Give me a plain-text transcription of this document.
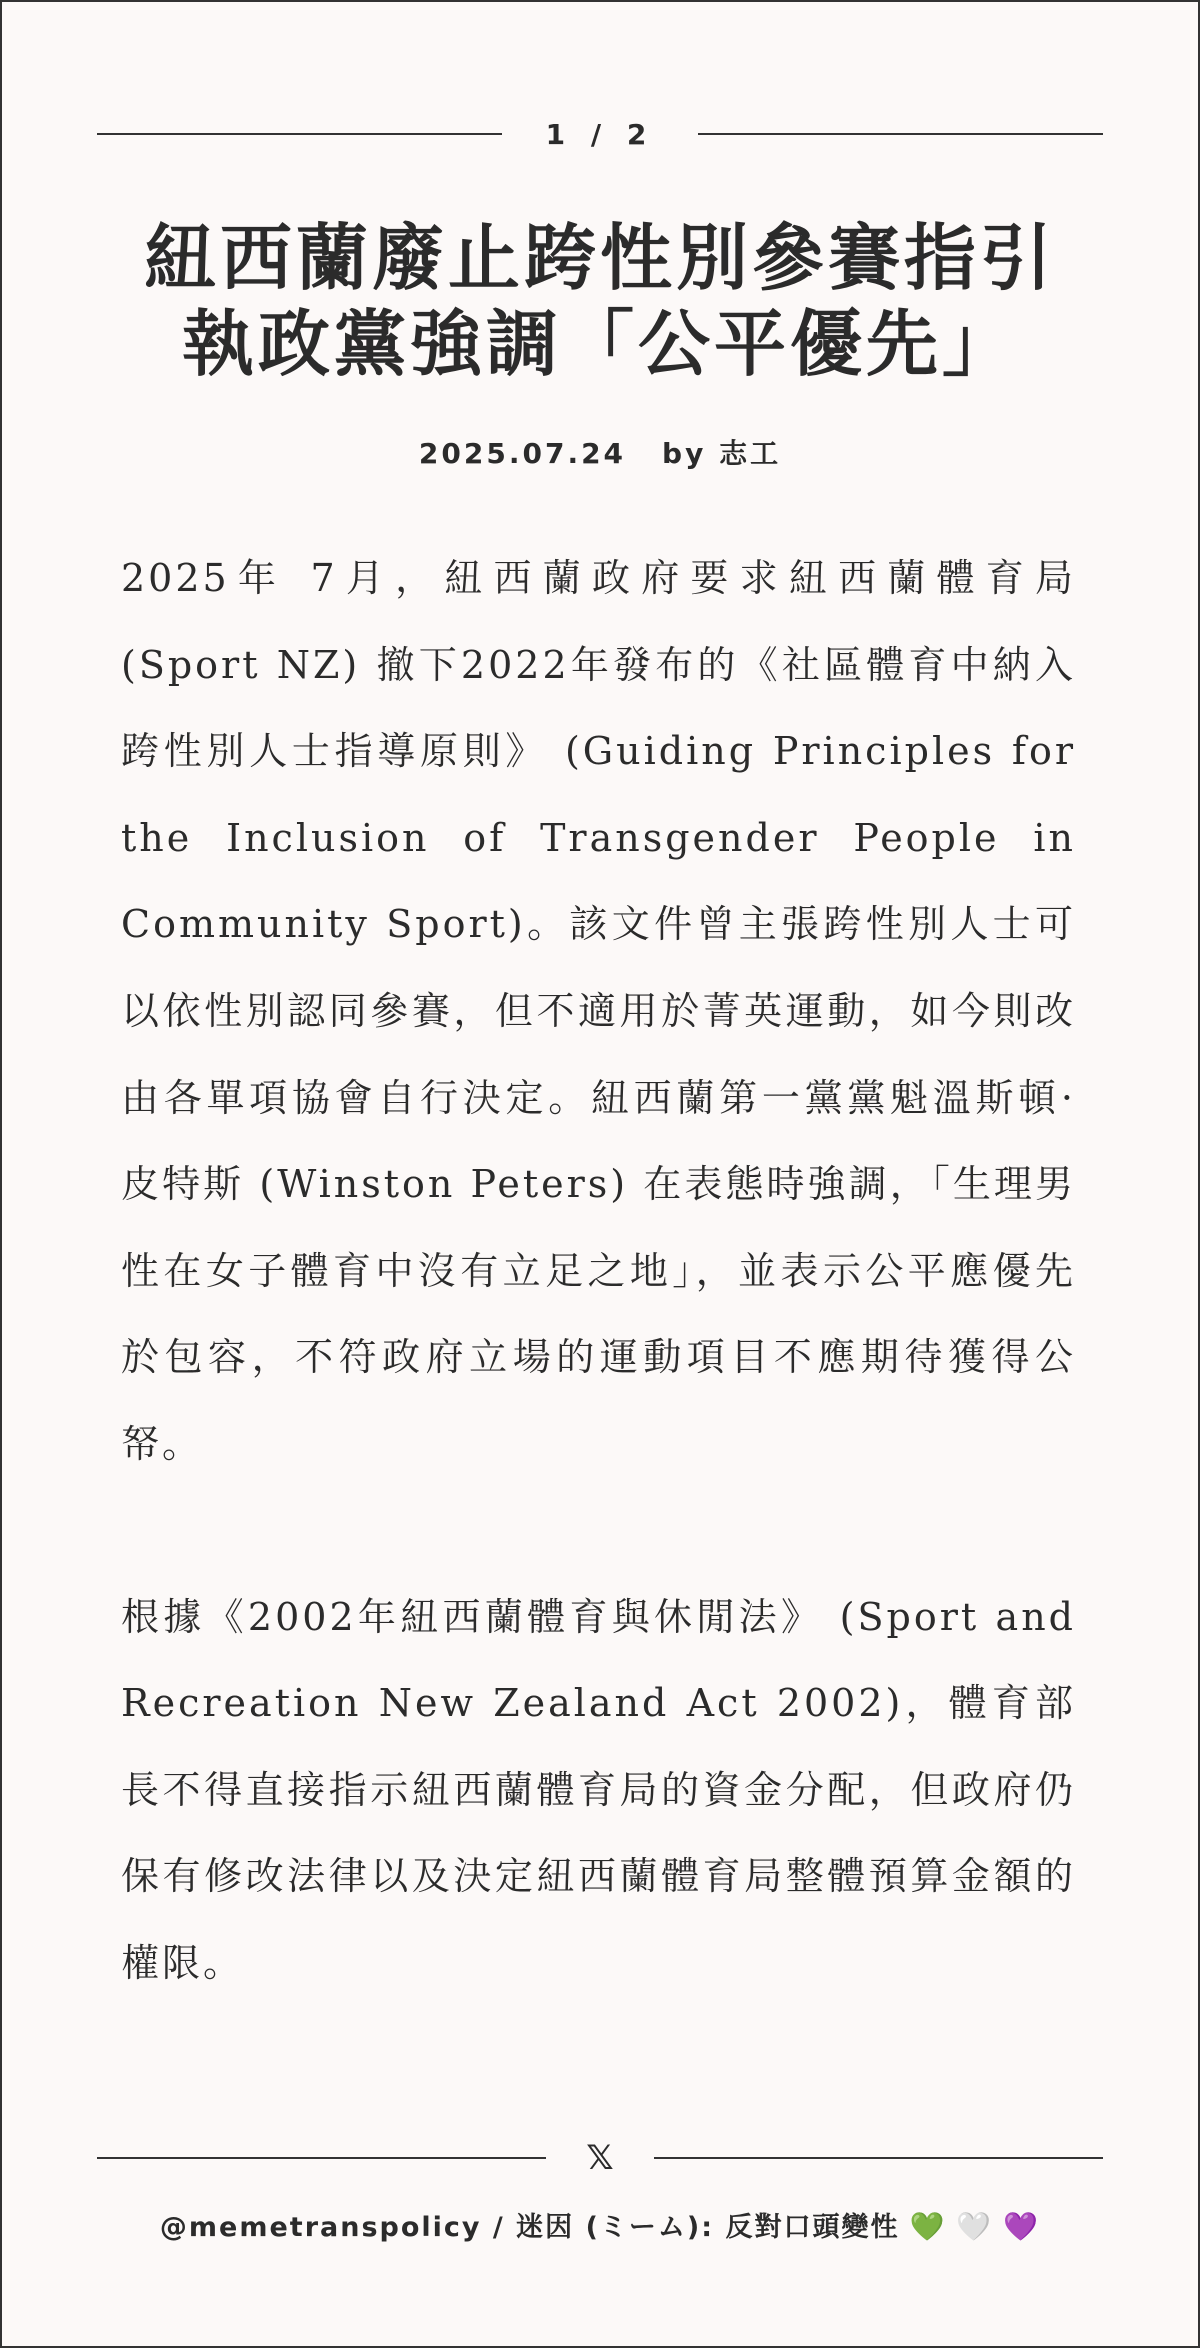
1 / 2
紐西蘭廢止跨性別參賽指引
執政黨強調「公平優先」
2025.07.24 by 志工

2025年 7月，紐西蘭政府要求紐西蘭體育局 (Sport NZ) 撤下2022年發布的《社區體育中納入跨性別人士指導原則》 (Guiding Principles for the Inclusion of Transgender People in Community Sport)。該文件曾主張跨性別人士可以依性別認同參賽，但不適用於菁英運動，如今則改由各單項協會自行決定。紐西蘭第一黨黨魁溫斯頓·皮特斯 (Winston Peters) 在表態時強調，「生理男性在女子體育中沒有立足之地」，並表示公平應優先於包容，不符政府立場的運動項目不應期待獲得公帑。

根據《2002年紐西蘭體育與休閒法》 (Sport and Recreation New Zealand Act 2002)，體育部長不得直接指示紐西蘭體育局的資金分配，但政府仍保有修改法律以及決定紐西蘭體育局整體預算金額的權限。

𝕏
@memetranspolicy / 迷因 (ミーム): 反對口頭變性 💚 🤍 💜
